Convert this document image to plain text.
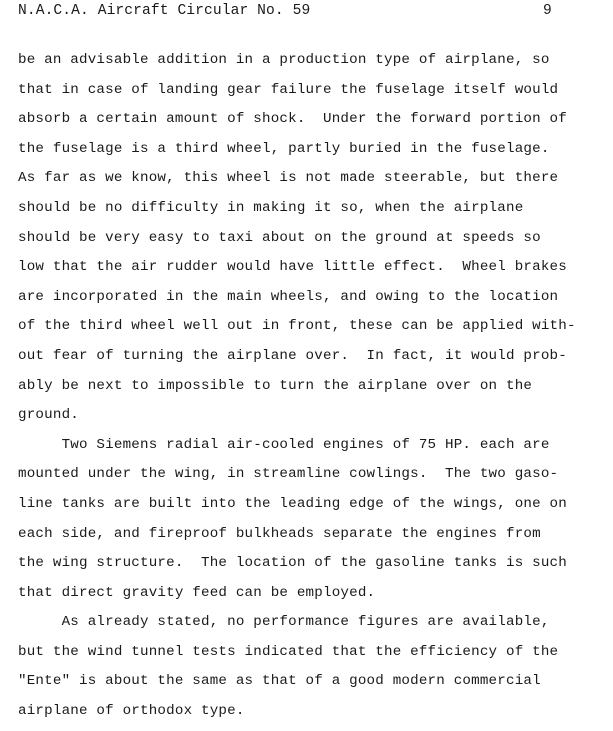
N.A.C.A. Aircraft Circular No. 59	9
be an advisable addition in a production type of airplane, so
that in case of landing gear failure the fuselage itself would
absorb a certain amount of shock.  Under the forward portion of
the fuselage is a third wheel, partly buried in the fuselage.
As far as we know, this wheel is not made steerable, but there
should be no difficulty in making it so, when the airplane
should be very easy to taxi about on the ground at speeds so
low that the air rudder would have little effect.  Wheel brakes
are incorporated in the main wheels, and owing to the location
of the third wheel well out in front, these can be applied with-
out fear of turning the airplane over.  In fact, it would prob-
ably be next to impossible to turn the airplane over on the
ground.
Two Siemens radial air-cooled engines of 75 HP. each are
mounted under the wing, in streamline cowlings.  The two gaso-
line tanks are built into the leading edge of the wings, one on
each side, and fireproof bulkheads separate the engines from
the wing structure.  The location of the gasoline tanks is such
that direct gravity feed can be employed.
As already stated, no performance figures are available,
but the wind tunnel tests indicated that the efficiency of the
"Ente" is about the same as that of a good modern commercial
airplane of orthodox type.
